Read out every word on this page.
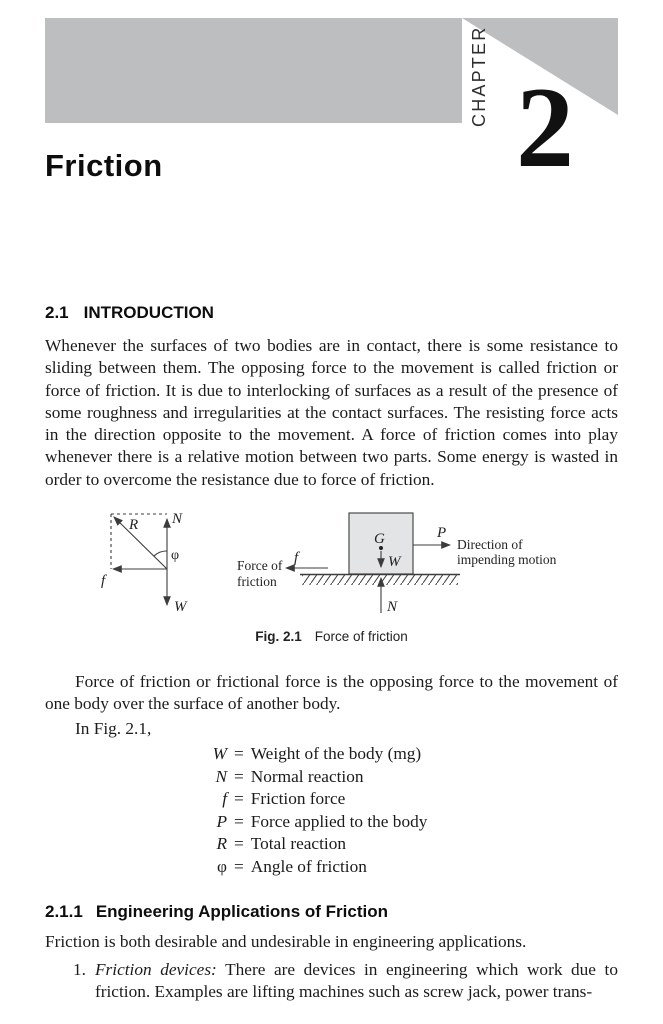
CHAPTER 2
Friction
2.1 INTRODUCTION

Whenever the surfaces of two bodies are in contact, there is some resistance to sliding between them. The opposing force to the movement is called friction or force of friction. It is due to interlocking of surfaces as a result of the presence of some roughness and irregularities at the contact surfaces. The resisting force acts in the direction opposite to the movement. A force of friction comes into play whenever there is a relative motion between two parts. Some energy is wasted in order to overcome the resistance due to force of friction.

N
W
f
R
φ
G
W
P
f
N
Force of
friction
Direction of
impending motion
Fig. 2.1 Force of friction

Force of friction or frictional force is the opposing force to the movement of one body over the surface of another body.

In Fig. 2.1,

W = Weight of the body (mg)
N = Normal reaction
f = Friction force
P = Force applied to the body
R = Total reaction
φ = Angle of friction
2.1.1 Engineering Applications of Friction

Friction is both desirable and undesirable in engineering applications.

1. Friction devices: There are devices in engineering which work due to friction. Examples are lifting machines such as screw jack, power trans-
